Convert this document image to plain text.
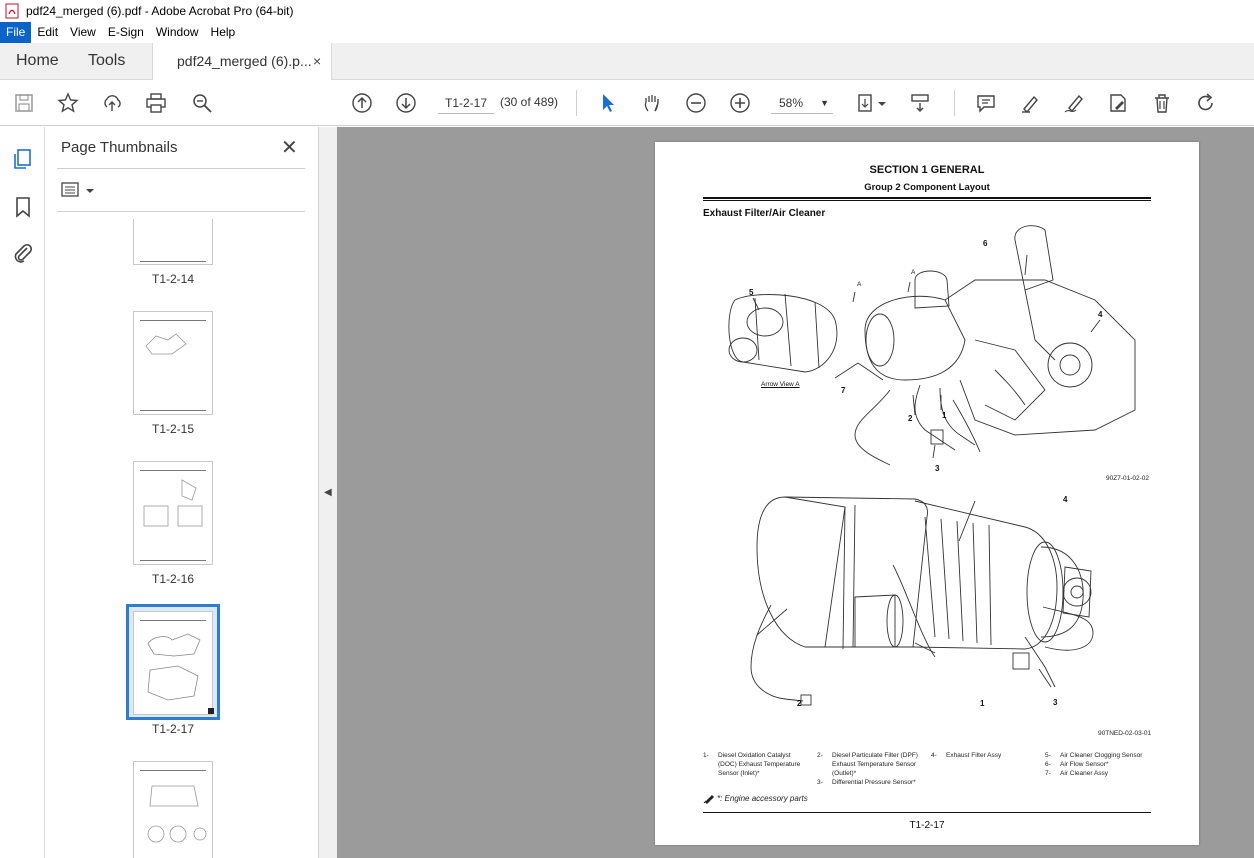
pdf24_merged (6).pdf - Adobe Acrobat Pro (64-bit)
File	Edit	View	E-Sign	Window	Help
Home Tools	pdf24_merged (6).p... ×
T1-2-17	(30 of 489)	58% ▼
Page Thumbnails	✕
T1-2-14
T1-2-15
T1-2-16
T1-2-17
◀
SECTION 1 GENERAL
Group 2 Component Layout
Exhaust Filter/Air Cleaner
6
5
4
7
2	1
3
A
A
Arrow View A
90Z7-01-02-02
4
2	1	3
90TNED-02-03-01
1- Diesel Oxidation Catalyst
(DOC) Exhaust Temperature
Sensor (Inlet)*
2- Diesel Particulate Filter (DPF)
Exhaust Temperature Sensor
(Outlet)*
3- Differential Pressure Sensor*
4- Exhaust Filter Assy	5- Air Cleaner Clogging Sensor
6- Air Flow Sensor*
7- Air Cleaner Assy
*: Engine accessory parts
T1-2-17
